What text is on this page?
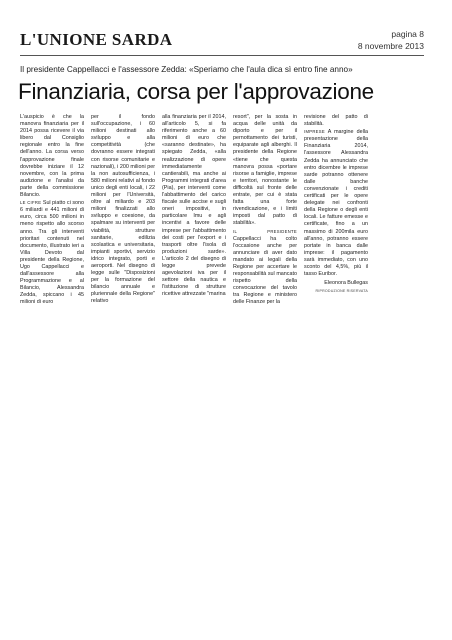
L'UNIONE SARDA	pagina 8
8 novembre 2013
Il presidente Cappellacci e l'assessore Zedda: «Speriamo che l'aula dica sì entro fine anno»
Finanziaria, corsa per l'approvazione

L'auspicio è che la manovra finanziaria per il 2014 possa ricevere il via libero dal Consiglio regionale entro la fine dell'anno. La corsa verso l'approvazione finale dovrebbe iniziare il 12 novembre, con la prima audizione e l'analisi da parte della commissione Bilancio.

LE CIFRE Sul piatto ci sono 6 miliardi e 441 milioni di euro, circa 500 milioni in meno rispetto allo scorso anno. Tra gli interventi prioritari contenuti nel documento, illustrato ieri a Villa Devoto dal presidente della Regione, Ugo Cappellacci e dall'assessore alla Programmazione e al Bilancio, Alessandra Zedda, spiccano i 45 milioni di euro

per il fondo sull'occupazione, i 60 milioni destinati allo sviluppo e alla competitività (che dovranno essere integrati con risorse comunitarie e nazionali), i 200 milioni per la non autosufficienza, i 580 milioni relativi al fondo unico degli enti locali, i 22 milioni per l'Università, oltre al miliardo e 203 milioni finalizzati allo sviluppo e coesione, da spalmare su interventi per viabilità, strutture sanitarie, edilizia scolastica e universitaria, impianti sportivi, servizio idrico integrato, porti e aeroporti. Nel disegno di legge sulle "Disposizioni per la formazione del bilancio annuale e pluriennale della Regione" relativo

alla finanziaria per il 2014, all'articolo 5, si fa riferimento anche a 60 milioni di euro che «saranno destinate», ha spiegato Zedda, «alla realizzazione di opere immediatamente cantierabili, ma anche ai Programmi integrati d'area (Pia), per interventi come l'abbattimento del carico fiscale sulle accise e sugli oneri impositivi, in particolare Imu e agli incentivi a favore delle imprese per l'abbattimento dei costi per l'export e i trasporti oltre l'isola di produzioni sarde». L'articolo 2 del disegno di legge prevede agevolazioni iva per il settore della nautica e l'istituzione di strutture ricettive attrezzate "marina

resort", per la sosta in acqua delle unità da diporto e per il pernottamento dei turisti, equiparate agli alberghi. Il presidente della Regione «tiene che questa manovra possa «portare risorse a famiglie, imprese e territori, nonostante le difficoltà sul fronte delle entrate, per cui è stata fatta una forte rivendicazione, e i limiti imposti dal patto di stabilità».

IL PRESIDENTE Cappellacci ha colto l'occasione anche per annunciare di aver dato mandato ai legali della Regione per accertare le responsabilità sul mancato rispetto della convocazione del tavolo tra Regione e ministero delle Finanze per la

revisione del patto di stabilità.

IMPRESE A margine della presentazione della Finanziaria 2014, l'assessore Alessandra Zedda ha annunciato che entro dicembre le imprese sarde potranno ottenere dalle banche convenzionate i crediti certificati per le opere delegate nei confronti della Regione o degli enti locali. Le fatture emesse e certificate, fino a un massimo di 200mila euro all'anno, potranno essere portate in banca dalle imprese: il pagamento sarà immediato, con uno sconto del 4,5%, più il tasso Euribor.

Eleonora Bullegas

RIPRODUZIONE RISERVATA
